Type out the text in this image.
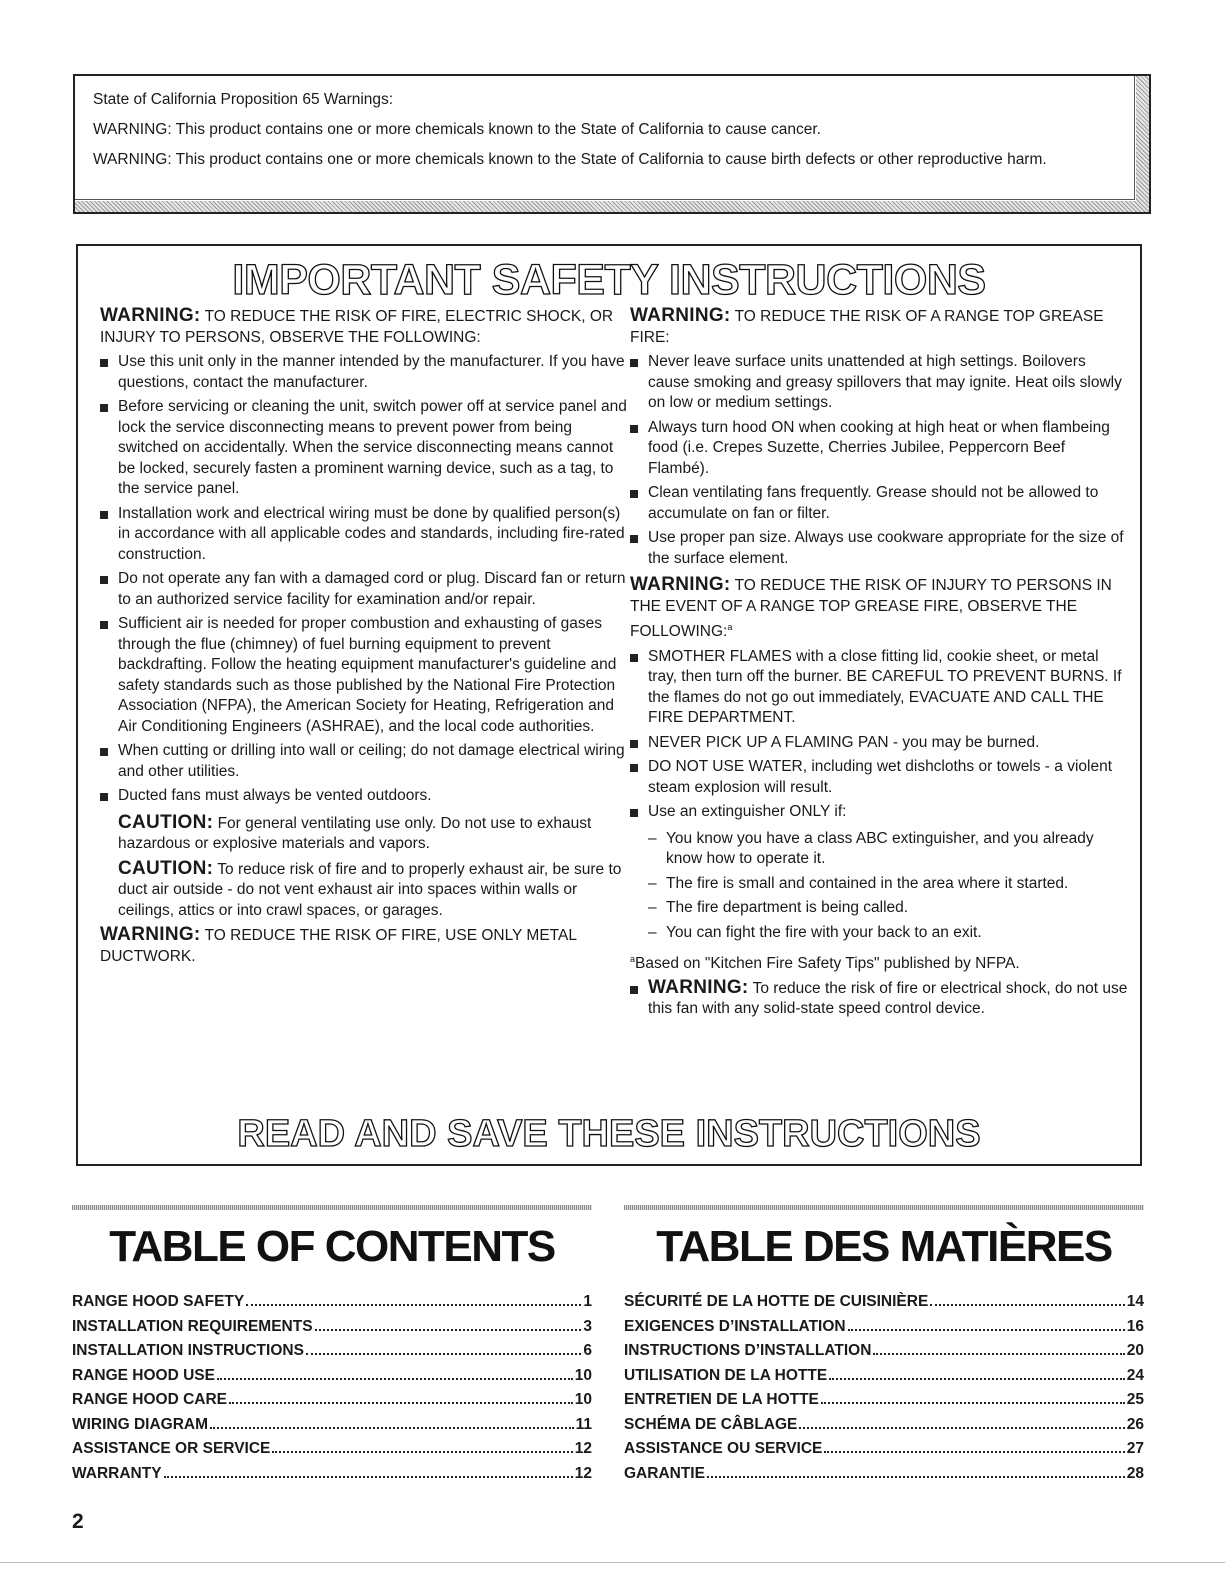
State of California Proposition 65 Warnings:

WARNING: This product contains one or more chemicals known to the State of California to cause cancer.

WARNING: This product contains one or more chemicals known to the State of California to cause birth defects or other reproductive harm.

IMPORTANT SAFETY INSTRUCTIONS

WARNING: TO REDUCE THE RISK OF FIRE, ELECTRIC SHOCK, OR INJURY TO PERSONS, OBSERVE THE FOLLOWING:

Use this unit only in the manner intended by the manufacturer. If you have questions, contact the manufacturer.
Before servicing or cleaning the unit, switch power off at service panel and lock the service disconnecting means to prevent power from being switched on accidentally. When the service disconnecting means cannot be locked, securely fasten a prominent warning device, such as a tag, to the service panel.
Installation work and electrical wiring must be done by qualified person(s) in accordance with all applicable codes and standards, including fire-rated construction.
Do not operate any fan with a damaged cord or plug. Discard fan or return to an authorized service facility for examination and/or repair.
Sufficient air is needed for proper combustion and exhausting of gases through the flue (chimney) of fuel burning equipment to prevent backdrafting. Follow the heating equipment manufacturer's guideline and safety standards such as those published by the National Fire Protection Association (NFPA), the American Society for Heating, Refrigeration and Air Conditioning Engineers (ASHRAE), and the local code authorities.
When cutting or drilling into wall or ceiling; do not damage electrical wiring and other utilities.
Ducted fans must always be vented outdoors.

CAUTION: For general ventilating use only. Do not use to exhaust hazardous or explosive materials and vapors.

CAUTION: To reduce risk of fire and to properly exhaust air, be sure to duct air outside - do not vent exhaust air into spaces within walls or ceilings, attics or into crawl spaces, or garages.

WARNING: TO REDUCE THE RISK OF FIRE, USE ONLY METAL DUCTWORK.

WARNING: TO REDUCE THE RISK OF A RANGE TOP GREASE FIRE:

Never leave surface units unattended at high settings. Boilovers cause smoking and greasy spillovers that may ignite. Heat oils slowly on low or medium settings.
Always turn hood ON when cooking at high heat or when flambeing food (i.e. Crepes Suzette, Cherries Jubilee, Peppercorn Beef Flambé).
Clean ventilating fans frequently. Grease should not be allowed to accumulate on fan or filter.
Use proper pan size. Always use cookware appropriate for the size of the surface element.

WARNING: TO REDUCE THE RISK OF INJURY TO PERSONS IN THE EVENT OF A RANGE TOP GREASE FIRE, OBSERVE THE FOLLOWING:$^a$

SMOTHER FLAMES with a close fitting lid, cookie sheet, or metal tray, then turn off the burner. BE CAREFUL TO PREVENT BURNS. If the flames do not go out immediately, EVACUATE AND CALL THE FIRE DEPARTMENT.
NEVER PICK UP A FLAMING PAN - you may be burned.
DO NOT USE WATER, including wet dishcloths or towels - a violent steam explosion will result.
Use an extinguisher ONLY if:
– You know you have a class ABC extinguisher, and you already know how to operate it.
– The fire is small and contained in the area where it started.
– The fire department is being called.
– You can fight the fire with your back to an exit.

$^a$Based on "Kitchen Fire Safety Tips" published by NFPA.

WARNING: To reduce the risk of fire or electrical shock, do not use this fan with any solid-state speed control device.

READ AND SAVE THESE INSTRUCTIONS
TABLE OF CONTENTS
RANGE HOOD SAFETY	1
INSTALLATION REQUIREMENTS	3
INSTALLATION INSTRUCTIONS	6
RANGE HOOD USE	10
RANGE HOOD CARE	10
WIRING DIAGRAM	11
ASSISTANCE OR SERVICE	12
WARRANTY	12
TABLE DES MATIÈRES
SÉCURITÉ DE LA HOTTE DE CUISINIÈRE	14
EXIGENCES D’INSTALLATION	16
INSTRUCTIONS D’INSTALLATION	20
UTILISATION DE LA HOTTE	24
ENTRETIEN DE LA HOTTE	25
SCHÉMA DE CÂBLAGE	26
ASSISTANCE OU SERVICE	27
GARANTIE	28
2
